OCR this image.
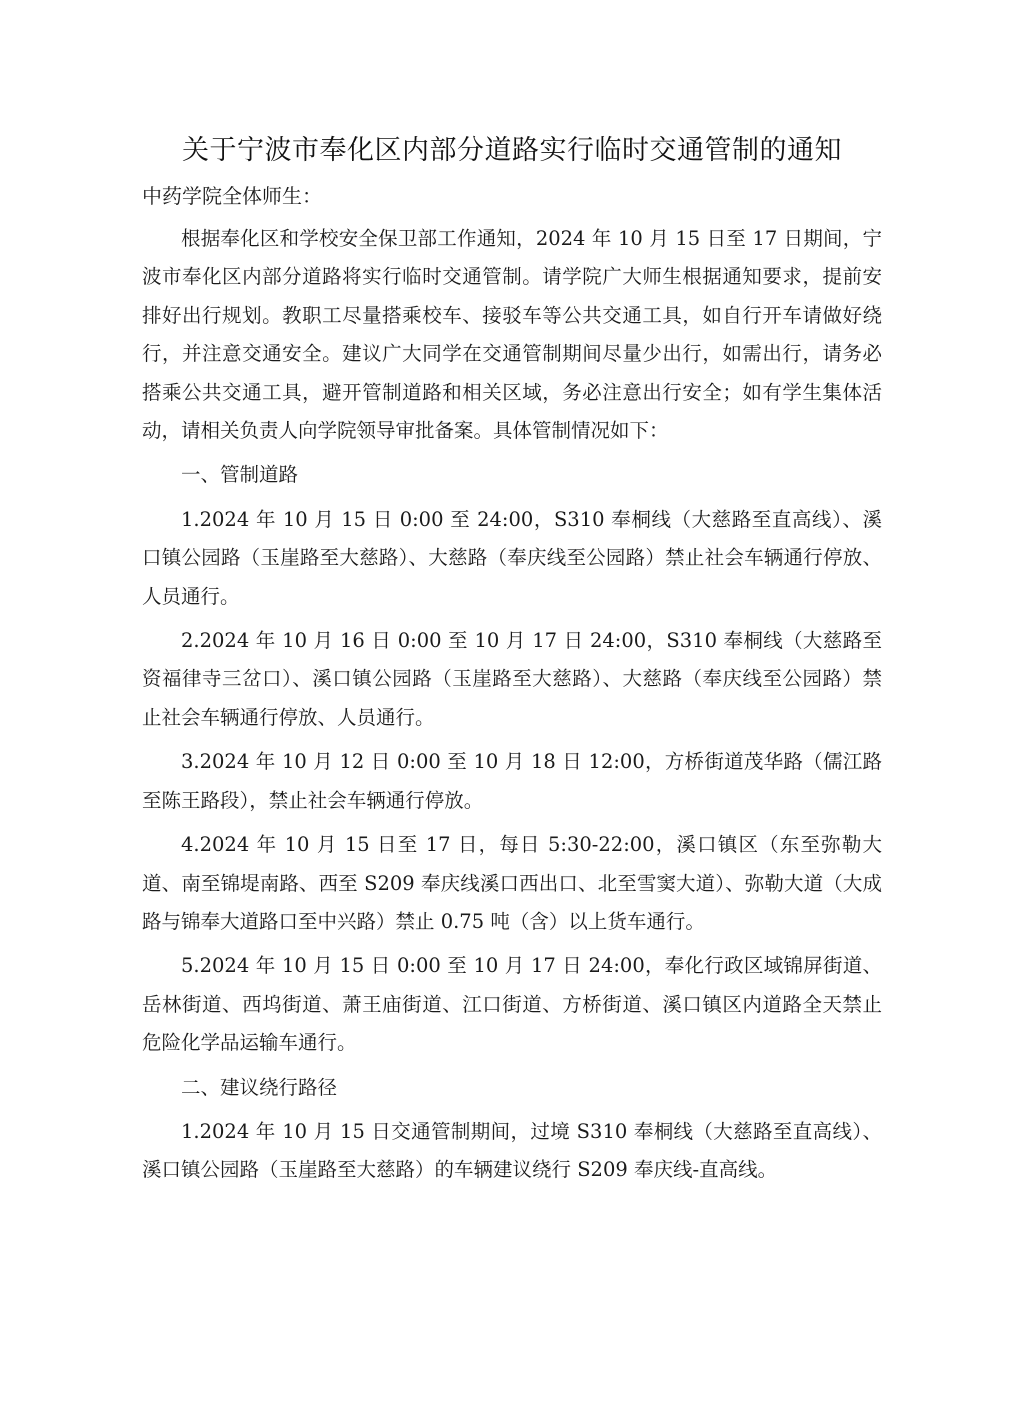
关于宁波市奉化区内部分道路实行临时交通管制的通知
中药学院全体师生：

根据奉化区和学校安全保卫部工作通知，2024 年 10 月 15 日至 17 日期间，宁波市奉化区内部分道路将实行临时交通管制。请学院广大师生根据通知要求，提前安排好出行规划。教职工尽量搭乘校车、接驳车等公共交通工具，如自行开车请做好绕行，并注意交通安全。建议广大同学在交通管制期间尽量少出行，如需出行，请务必搭乘公共交通工具，避开管制道路和相关区域，务必注意出行安全；如有学生集体活动，请相关负责人向学院领导审批备案。具体管制情况如下：

一、管制道路

1.2024 年 10 月 15 日 0:00 至 24:00，S310 奉桐线（大慈路至直高线）、溪口镇公园路（玉崖路至大慈路）、大慈路（奉庆线至公园路）禁止社会车辆通行停放、人员通行。

2.2024 年 10 月 16 日 0:00 至 10 月 17 日 24:00，S310 奉桐线（大慈路至资福律寺三岔口）、溪口镇公园路（玉崖路至大慈路）、大慈路（奉庆线至公园路）禁止社会车辆通行停放、人员通行。

3.2024 年 10 月 12 日 0:00 至 10 月 18 日 12:00，方桥街道茂华路（儒江路至陈王路段），禁止社会车辆通行停放。

4.2024 年 10 月 15 日至 17 日，每日 5:30-22:00，溪口镇区（东至弥勒大道、南至锦堤南路、西至 S209 奉庆线溪口西出口、北至雪窦大道）、弥勒大道（大成路与锦奉大道路口至中兴路）禁止 0.75 吨（含）以上货车通行。

5.2024 年 10 月 15 日 0:00 至 10 月 17 日 24:00，奉化行政区域锦屏街道、岳林街道、西坞街道、萧王庙街道、江口街道、方桥街道、溪口镇区内道路全天禁止危险化学品运输车通行。

二、建议绕行路径

1.2024 年 10 月 15 日交通管制期间，过境 S310 奉桐线（大慈路至直高线）、溪口镇公园路（玉崖路至大慈路）的车辆建议绕行 S209 奉庆线-直高线。
